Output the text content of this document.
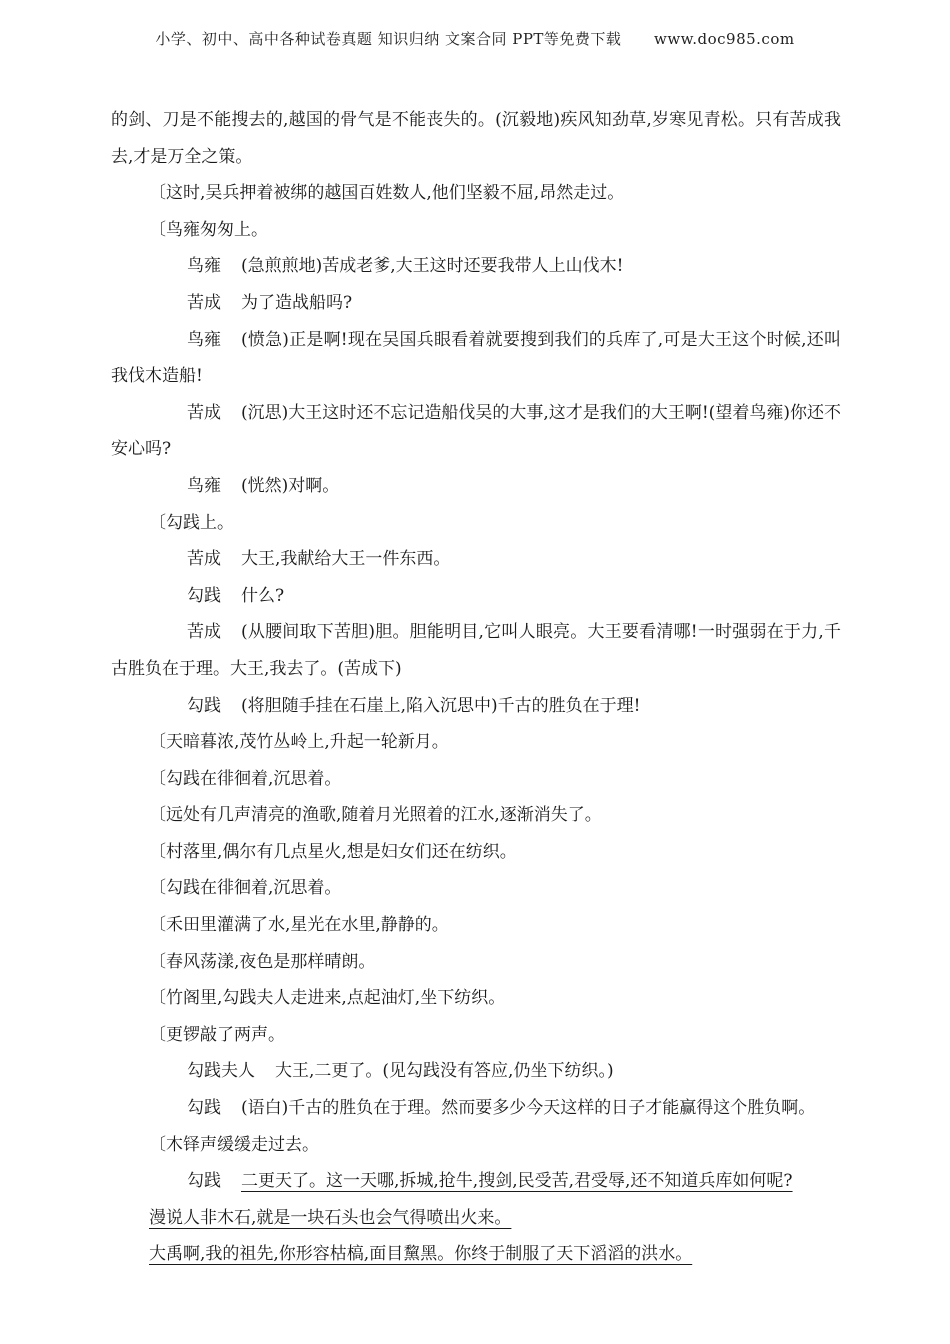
小学、初中、高中各种试卷真题 知识归纳 文案合同 PPT等免费下载 www.doc985.com

的剑、刀是不能搜去的,越国的骨气是不能丧失的。(沉毅地)疾风知劲草,岁寒见青松。只有苦成我去,才是万全之策。

〔这时,吴兵押着被绑的越国百姓数人,他们坚毅不屈,昂然走过。

〔鸟雍匆匆上。

鸟雍 (急煎煎地)苦成老爹,大王这时还要我带人上山伐木!

苦成 为了造战船吗?

鸟雍 (愤急)正是啊!现在吴国兵眼看着就要搜到我们的兵库了,可是大王这个时候,还叫我伐木造船!

苦成 (沉思)大王这时还不忘记造船伐吴的大事,这才是我们的大王啊!(望着鸟雍)你还不安心吗?

鸟雍 (恍然)对啊。

〔勾践上。

苦成 大王,我献给大王一件东西。

勾践 什么?

苦成 (从腰间取下苦胆)胆。胆能明目,它叫人眼亮。大王要看清哪!一时强弱在于力,千古胜负在于理。大王,我去了。(苦成下)

勾践 (将胆随手挂在石崖上,陷入沉思中)千古的胜负在于理!

〔天暗暮浓,茂竹丛岭上,升起一轮新月。

〔勾践在徘徊着,沉思着。

〔远处有几声清亮的渔歌,随着月光照着的江水,逐渐消失了。

〔村落里,偶尔有几点星火,想是妇女们还在纺织。

〔勾践在徘徊着,沉思着。

〔禾田里灌满了水,星光在水里,静静的。

〔春风荡漾,夜色是那样晴朗。

〔竹阁里,勾践夫人走进来,点起油灯,坐下纺织。

〔更锣敲了两声。

勾践夫人 大王,二更了。(见勾践没有答应,仍坐下纺织。)

勾践 (语白)千古的胜负在于理。然而要多少今天这样的日子才能赢得这个胜负啊。

〔木铎声缓缓走过去。

勾践 二更天了。这一天哪,拆城,抢牛,搜剑,民受苦,君受辱,还不知道兵库如何呢?

漫说人非木石,就是一块石头也会气得喷出火来。

大禹啊,我的祖先,你形容枯槁,面目黧黑。你终于制服了天下滔滔的洪水。
